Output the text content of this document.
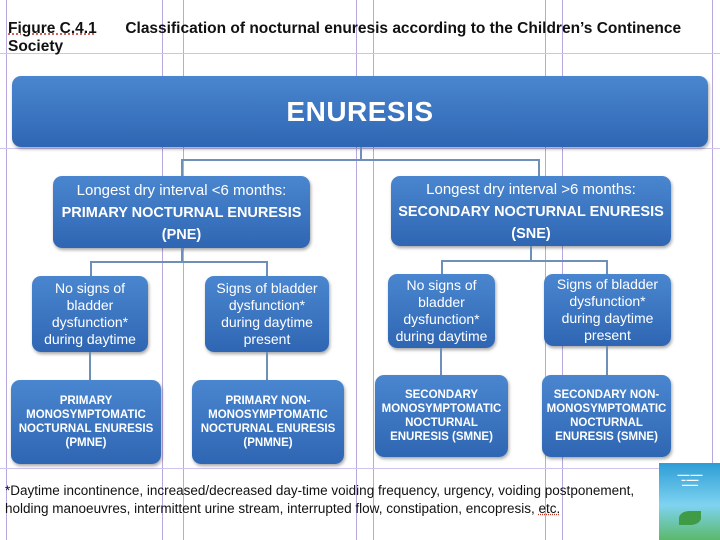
Figure C.4.1 Classification of nocturnal enuresis according to the Children’s Continence
Society
ENURESIS
Longest dry interval <6 months:
PRIMARY NOCTURNAL ENURESIS
(PNE)
Longest dry interval >6 months:
SECONDARY NOCTURNAL ENURESIS
(SNE)
No signs of bladder dysfunction* during daytime
Signs of bladder dysfunction* during daytime present
No signs of bladder dysfunction* during daytime
Signs of bladder dysfunction* during daytime present
PRIMARY MONOSYMPTOMATIC NOCTURNAL ENURESIS (PMNE)
PRIMARY NON-MONOSYMPTOMATIC NOCTURNAL ENURESIS (PNMNE)
SECONDARY MONOSYMPTOMATIC NOCTURNAL ENURESIS (SMNE)
SECONDARY NON-MONOSYMPTOMATIC NOCTURNAL ENURESIS (SMNE)
*Daytime incontinence, increased/decreased day-time voiding frequency, urgency, voiding postponement, holding manoeuvres, intermittent urine stream, interrupted flow, constipation, encopresis, etc.
▬▬▬ ▬▬▬
▬ ▬▬▬
▬▬▬▬
